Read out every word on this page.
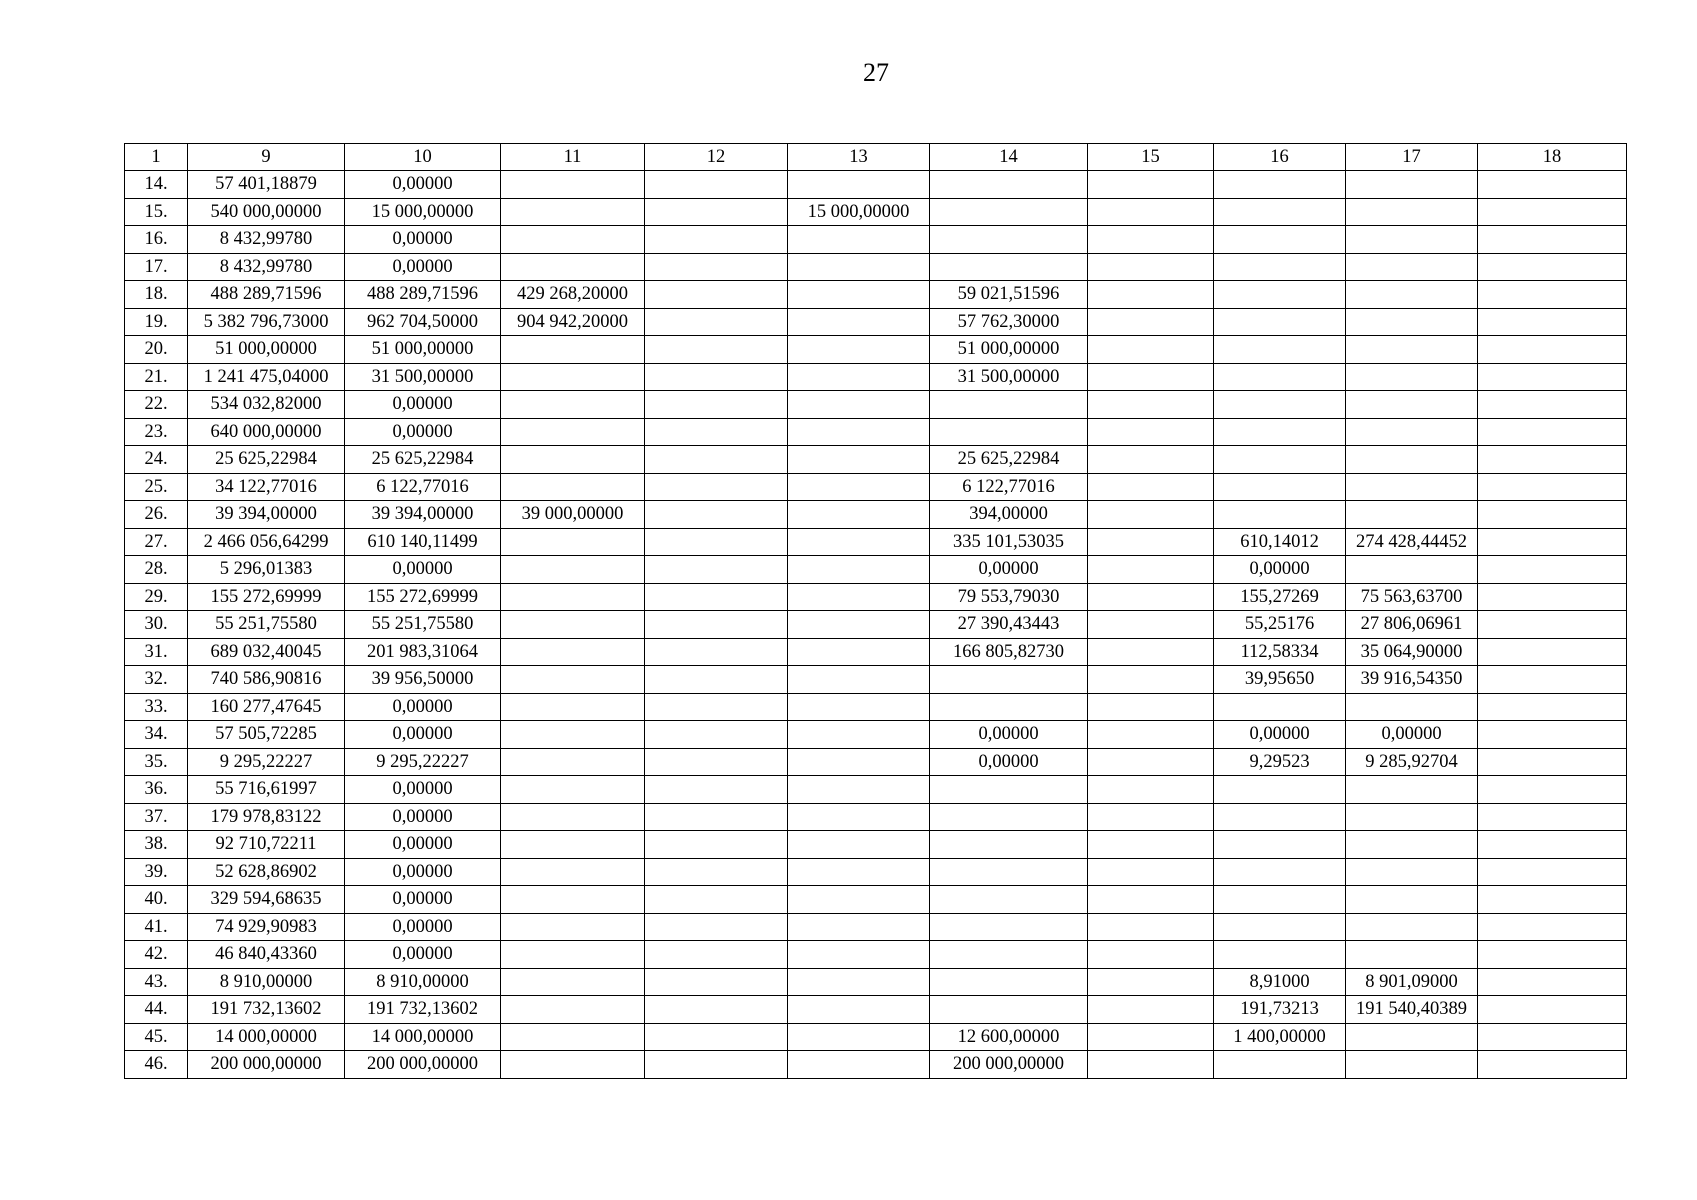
27
1	9	10	11	12	13	14	15	16	17	18
14.	57 401,18879	0,00000								
15.	540 000,00000	15 000,00000			15 000,00000					
16.	8 432,99780	0,00000								
17.	8 432,99780	0,00000								
18.	488 289,71596	488 289,71596	429 268,20000			59 021,51596				
19.	5 382 796,73000	962 704,50000	904 942,20000			57 762,30000				
20.	51 000,00000	51 000,00000				51 000,00000				
21.	1 241 475,04000	31 500,00000				31 500,00000				
22.	534 032,82000	0,00000								
23.	640 000,00000	0,00000								
24.	25 625,22984	25 625,22984				25 625,22984				
25.	34 122,77016	6 122,77016				6 122,77016				
26.	39 394,00000	39 394,00000	39 000,00000			394,00000				
27.	2 466 056,64299	610 140,11499				335 101,53035		610,14012	274 428,44452	
28.	5 296,01383	0,00000				0,00000		0,00000		
29.	155 272,69999	155 272,69999				79 553,79030		155,27269	75 563,63700	
30.	55 251,75580	55 251,75580				27 390,43443		55,25176	27 806,06961	
31.	689 032,40045	201 983,31064				166 805,82730		112,58334	35 064,90000	
32.	740 586,90816	39 956,50000						39,95650	39 916,54350	
33.	160 277,47645	0,00000								
34.	57 505,72285	0,00000				0,00000		0,00000	0,00000	
35.	9 295,22227	9 295,22227				0,00000		9,29523	9 285,92704	
36.	55 716,61997	0,00000								
37.	179 978,83122	0,00000								
38.	92 710,72211	0,00000								
39.	52 628,86902	0,00000								
40.	329 594,68635	0,00000								
41.	74 929,90983	0,00000								
42.	46 840,43360	0,00000								
43.	8 910,00000	8 910,00000						8,91000	8 901,09000	
44.	191 732,13602	191 732,13602						191,73213	191 540,40389	
45.	14 000,00000	14 000,00000				12 600,00000		1 400,00000		
46.	200 000,00000	200 000,00000				200 000,00000				
